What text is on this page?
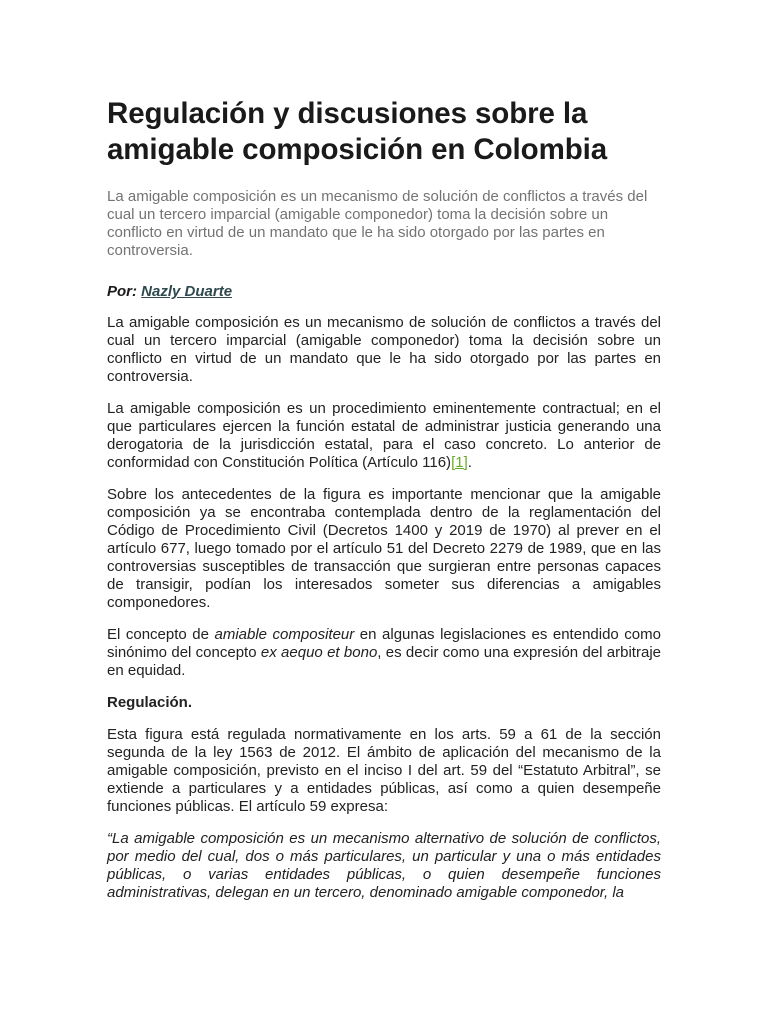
Regulación y discusiones sobre la amigable composición en Colombia

La amigable composición es un mecanismo de solución de conflictos a través del cual un tercero imparcial (amigable componedor) toma la decisión sobre un conflicto en virtud de un mandato que le ha sido otorgado por las partes en controversia.

Por: Nazly Duarte

La amigable composición es un mecanismo de solución de conflictos a través del cual un tercero imparcial (amigable componedor) toma la decisión sobre un conflicto en virtud de un mandato que le ha sido otorgado por las partes en controversia.

La amigable composición es un procedimiento eminentemente contractual; en el que particulares ejercen la función estatal de administrar justicia generando una derogatoria de la jurisdicción estatal, para el caso concreto. Lo anterior de conformidad con Constitución Política (Artículo 116)[1].

Sobre los antecedentes de la figura es importante mencionar que la amigable composición ya se encontraba contemplada dentro de la reglamentación del Código de Procedimiento Civil (Decretos 1400 y 2019 de 1970) al prever en el artículo 677, luego tomado por el artículo 51 del Decreto 2279 de 1989, que en las controversias susceptibles de transacción que surgieran entre personas capaces de transigir, podían los interesados someter sus diferencias a amigables componedores.

El concepto de amiable compositeur en algunas legislaciones es entendido como sinónimo del concepto ex aequo et bono, es decir como una expresión del arbitraje en equidad.

Regulación.

Esta figura está regulada normativamente en los arts. 59 a 61 de la sección segunda de la ley 1563 de 2012. El ámbito de aplicación del mecanismo de la amigable composición, previsto en el inciso I del art. 59 del “Estatuto Arbitral”, se extiende a particulares y a entidades públicas, así como a quien desempeñe funciones públicas. El artículo 59 expresa:

“La amigable composición es un mecanismo alternativo de solución de conflictos, por medio del cual, dos o más particulares, un particular y una o más entidades públicas, o varias entidades públicas, o quien desempeñe funciones administrativas, delegan en un tercero, denominado amigable componedor, la
